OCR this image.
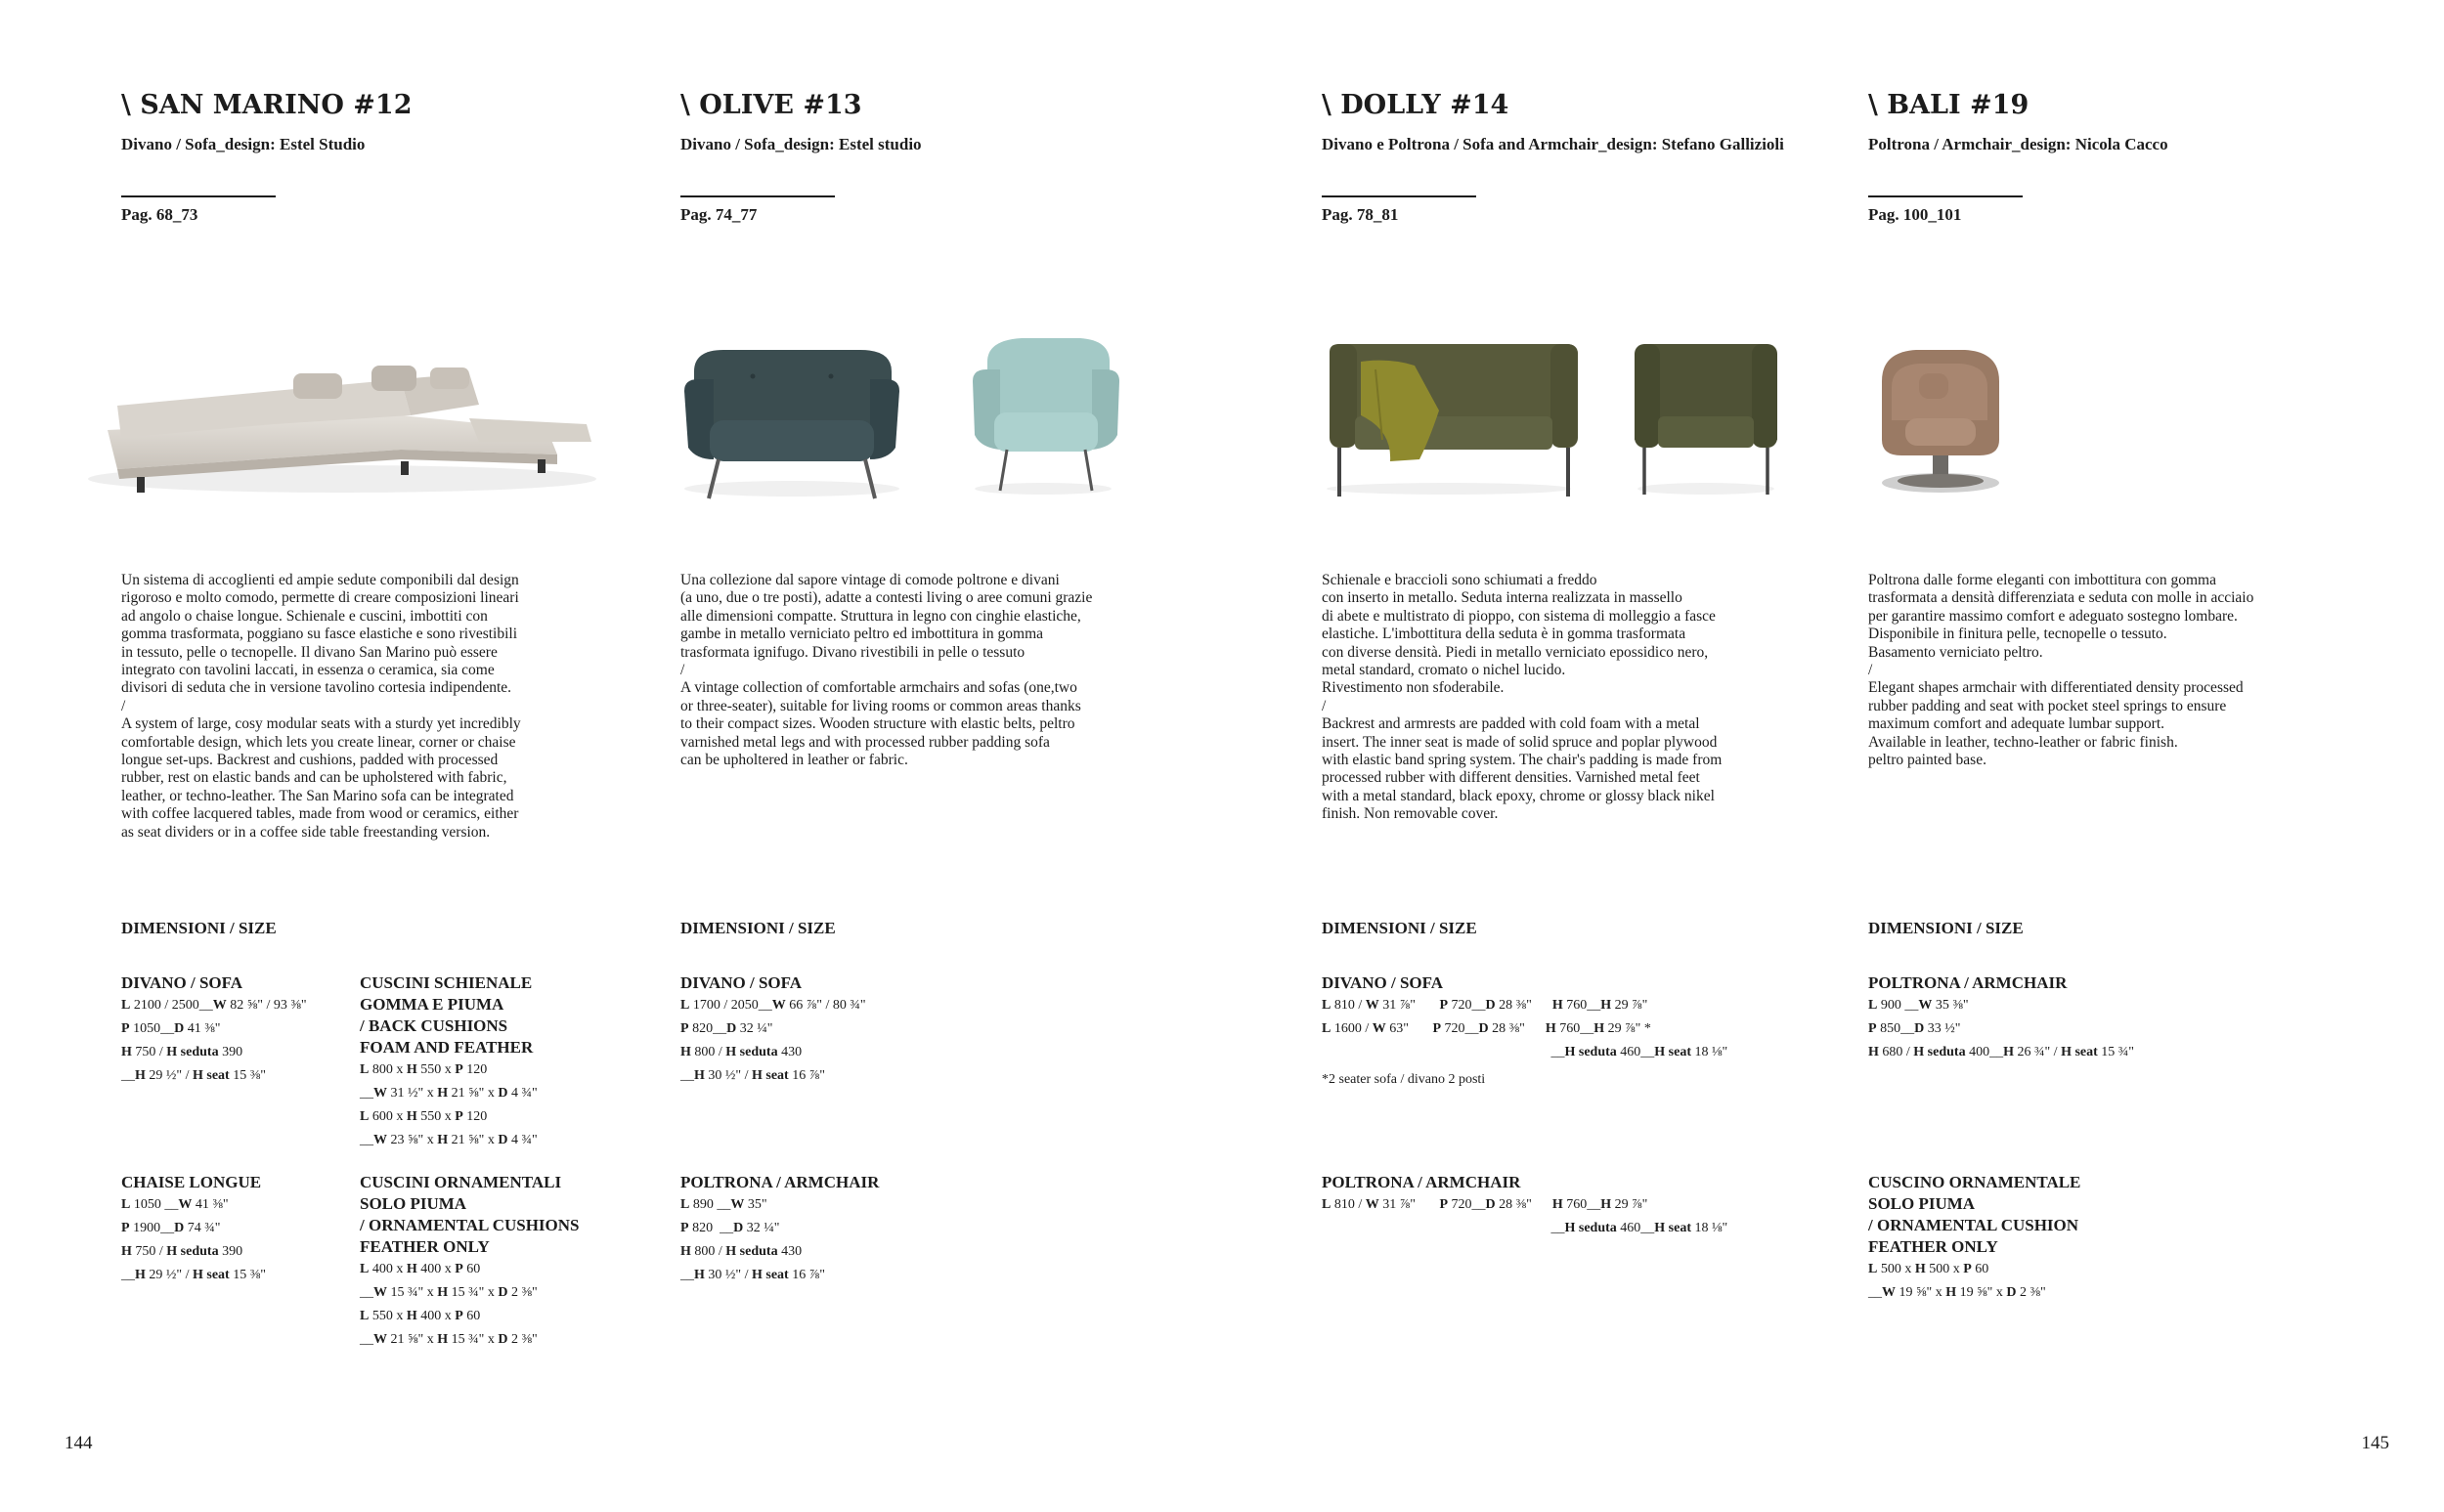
\ SAN MARINO #12
Divano / Sofa_design: Estel Studio
Pag. 68_73
\ OLIVE #13
Divano / Sofa_design: Estel studio
Pag. 74_77
\ DOLLY #14
Divano e Poltrona / Sofa and Armchair_design: Stefano Gallizioli
Pag. 78_81
\ BALI #19
Poltrona / Armchair_design: Nicola Cacco
Pag. 100_101
Un sistema di accoglienti ed ampie sedute componibili dal design
rigoroso e molto comodo, permette di creare composizioni lineari
ad angolo o chaise longue. Schienale e cuscini, imbottiti con
gomma trasformata, poggiano su fasce elastiche e sono rivestibili
in tessuto, pelle o tecnopelle. Il divano San Marino può essere
integrato con tavolini laccati, in essenza o ceramica, sia come
divisori di seduta che in versione tavolino cortesia indipendente.
/
A system of large, cosy modular seats with a sturdy yet incredibly
comfortable design, which lets you create linear, corner or chaise
longue set-ups. Backrest and cushions, padded with processed
rubber, rest on elastic bands and can be upholstered with fabric,
leather, or techno-leather. The San Marino sofa can be integrated
with coffee lacquered tables, made from wood or ceramics, either
as seat dividers or in a coffee side table freestanding version.
Una collezione dal sapore vintage di comode poltrone e divani
(a uno, due o tre posti), adatte a contesti living o aree comuni grazie
alle dimensioni compatte. Struttura in legno con cinghie elastiche,
gambe in metallo verniciato peltro ed imbottitura in gomma
trasformata ignifugo. Divano rivestibili in pelle o tessuto
/
A vintage collection of comfortable armchairs and sofas (one,two
or three-seater), suitable for living rooms or common areas thanks
to their compact sizes. Wooden structure with elastic belts, peltro
varnished metal legs and with processed rubber padding sofa
can be upholtered in leather or fabric.
Schienale e braccioli sono schiumati a freddo
con inserto in metallo. Seduta interna realizzata in massello
di abete e multistrato di pioppo, con sistema di molleggio a fasce
elastiche. L'imbottitura della seduta è in gomma trasformata
con diverse densità. Piedi in metallo verniciato epossidico nero,
metal standard, cromato o nichel lucido.
Rivestimento non sfoderabile.
/
Backrest and armrests are padded with cold foam with a metal
insert. The inner seat is made of solid spruce and poplar plywood
with elastic band spring system. The chair's padding is made from
processed rubber with different densities. Varnished metal feet
with a metal standard, black epoxy, chrome or glossy black nikel
finish. Non removable cover.
Poltrona dalle forme eleganti con imbottitura con gomma
trasformata a densità differenziata e seduta con molle in acciaio
per garantire massimo comfort e adeguato sostegno lombare.
Disponibile in finitura pelle, tecnopelle o tessuto.
Basamento verniciato peltro.
/
Elegant shapes armchair with differentiated density processed
rubber padding and seat with pocket steel springs to ensure
maximum comfort and adequate lumbar support.
Available in leather, techno-leather or fabric finish.
peltro painted base.
DIMENSIONI / SIZE	DIMENSIONI / SIZE	DIMENSIONI / SIZE	DIMENSIONI / SIZE
DIVANO / SOFA
L 2100 / 2500__W 82 ⅝" / 93 ⅜"
P 1050__D 41 ⅜"
H 750 / H seduta 390
__H 29 ½" / H seat 15 ⅜"
CUSCINI SCHIENALE
GOMMA E PIUMA
/ BACK CUSHIONS
FOAM AND FEATHER
L 800 x H 550 x P 120
__W 31 ½" x H 21 ⅝" x D 4 ¾"
L 600 x H 550 x P 120
__W 23 ⅝" x H 21 ⅝" x D 4 ¾"
CHAISE LONGUE
L 1050 __W 41 ⅜"
P 1900__D 74 ¾"
H 750 / H seduta 390
__H 29 ½" / H seat 15 ⅜"
CUSCINI ORNAMENTALI
SOLO PIUMA
/ ORNAMENTAL CUSHIONS
FEATHER ONLY
L 400 x H 400 x P 60
__W 15 ¾" x H 15 ¾" x D 2 ⅜"
L 550 x H 400 x P 60
__W 21 ⅝" x H 15 ¾" x D 2 ⅜"
DIVANO / SOFA
L 1700 / 2050__W 66 ⅞" / 80 ¾"
P 820__D 32 ¼"
H 800 / H seduta 430
__H 30 ½" / H seat 16 ⅞"
POLTRONA / ARMCHAIR
L 890 __W 35"
P 820  __D 32 ¼"
H 800 / H seduta 430
__H 30 ½" / H seat 16 ⅞"
DIVANO / SOFA
L 810 / W 31 ⅞"       P 720__D 28 ⅜"      H 760__H 29 ⅞"
L 1600 / W 63"       P 720__D 28 ⅜"      H 760__H 29 ⅞" *
__H seduta 460__H seat 18 ⅛"
*2 seater sofa / divano 2 posti
POLTRONA / ARMCHAIR
L 810 / W 31 ⅞"       P 720__D 28 ⅜"      H 760__H 29 ⅞"
__H seduta 460__H seat 18 ⅛"
POLTRONA / ARMCHAIR
L 900 __W 35 ⅜"
P 850__D 33 ½"
H 680 / H seduta 400__H 26 ¾" / H seat 15 ¾"
CUSCINO ORNAMENTALE
SOLO PIUMA
/ ORNAMENTAL CUSHION
FEATHER ONLY
L 500 x H 500 x P 60
__W 19 ⅝" x H 19 ⅝" x D 2 ⅜"
144	145
